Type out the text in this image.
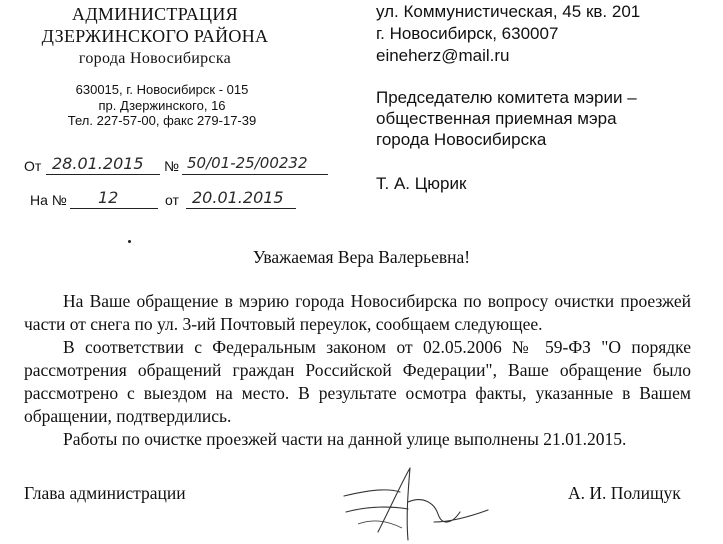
АДМИНИСТРАЦИЯ
ДЗЕРЖИНСКОГО РАЙОНА
города Новосибирска
630015, г. Новосибирск - 015
пр. Дзержинского, 16
Тел. 227-57-00, факс 279-17-39
ул. Коммунистическая, 45 кв. 201
г. Новосибирск, 630007
eineherz@mail.ru
Председателю комитета мэрии –
общественная приемная мэра
города Новосибирска
Т. А. Цюрик
От 28.01.2015 № 50/01-25/00232
На № 12	от 20.01.2015
Уважаемая Вера Валерьевна!

На Ваше обращение в мэрию города Новосибирска по вопросу очистки проезжей части от снега по ул. 3-ий Почтовый переулок, сообщаем следующее.

В соответствии с Федеральным законом от 02.05.2006 № 59-ФЗ "О порядке рассмотрения обращений граждан Российской Федерации", Ваше обращение было рассмотрено с выездом на место. В результате осмотра факты, указанные в Вашем обращении, подтвердились.

Работы по очистке проезжей части на данной улице выполнены 21.01.2015.

Глава администрации	А. И. Полищук
